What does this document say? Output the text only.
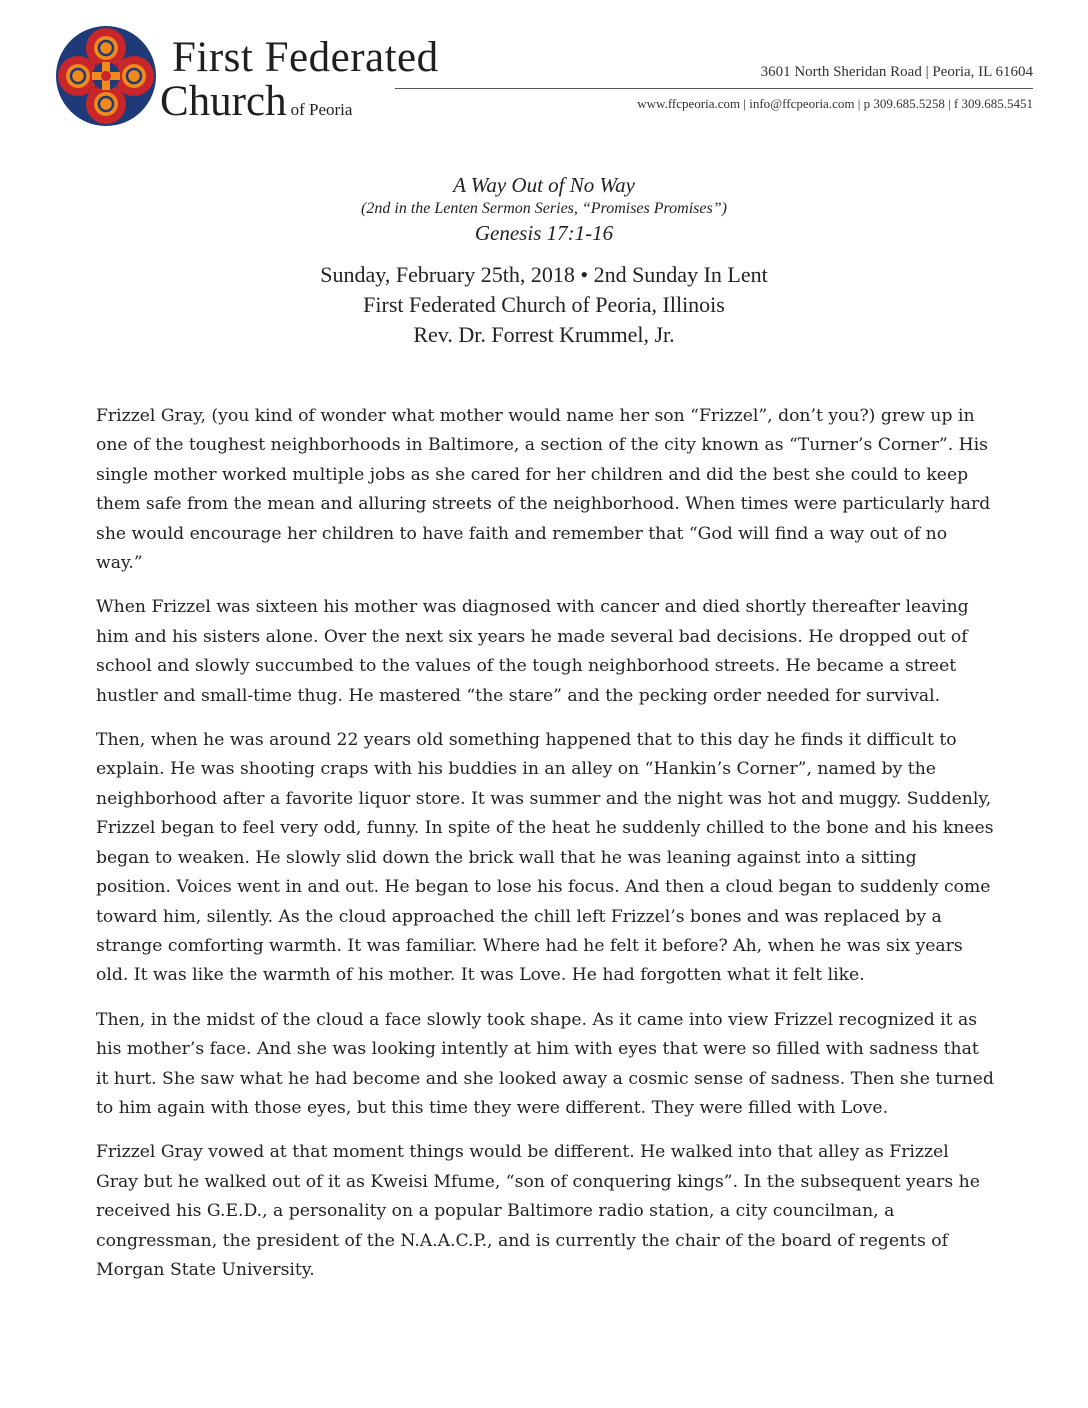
First Federated
Church of Peoria
3601 North Sheridan Road | Peoria, IL 61604
www.ffcpeoria.com | info@ffcpeoria.com | p 309.685.5258 | f 309.685.5451
A Way Out of No Way
(2nd in the Lenten Sermon Series, “Promises Promises”)
Genesis 17:1-16
Sunday, February 25th, 2018 • 2nd Sunday In Lent
First Federated Church of Peoria, Illinois
Rev. Dr. Forrest Krummel, Jr.

Frizzel Gray, (you kind of wonder what mother would name her son “Frizzel”, don’t you?) grew up in one of the toughest neighborhoods in Baltimore, a section of the city known as “Turner’s Corner”. His single mother worked multiple jobs as she cared for her children and did the best she could to keep them safe from the mean and alluring streets of the neighborhood. When times were particularly hard she would encourage her children to have faith and remember that “God will find a way out of no way.”

When Frizzel was sixteen his mother was diagnosed with cancer and died shortly thereafter leaving him and his sisters alone. Over the next six years he made several bad decisions. He dropped out of school and slowly succumbed to the values of the tough neighborhood streets. He became a street hustler and small-time thug. He mastered “the stare” and the pecking order needed for survival.

Then, when he was around 22 years old something happened that to this day he finds it difficult to explain. He was shooting craps with his buddies in an alley on “Hankin’s Corner”, named by the neighborhood after a favorite liquor store. It was summer and the night was hot and muggy. Suddenly, Frizzel began to feel very odd, funny. In spite of the heat he suddenly chilled to the bone and his knees began to weaken. He slowly slid down the brick wall that he was leaning against into a sitting position. Voices went in and out. He began to lose his focus. And then a cloud began to suddenly come toward him, silently. As the cloud approached the chill left Frizzel’s bones and was replaced by a strange comforting warmth. It was familiar. Where had he felt it before? Ah, when he was six years old. It was like the warmth of his mother. It was Love. He had forgotten what it felt like.

Then, in the midst of the cloud a face slowly took shape. As it came into view Frizzel recognized it as his mother’s face. And she was looking intently at him with eyes that were so filled with sadness that it hurt. She saw what he had become and she looked away a cosmic sense of sadness. Then she turned to him again with those eyes, but this time they were different. They were filled with Love.

Frizzel Gray vowed at that moment things would be different. He walked into that alley as Frizzel Gray but he walked out of it as Kweisi Mfume, “son of conquering kings”. In the subsequent years he received his G.E.D., a personality on a popular Baltimore radio station, a city councilman, a congressman, the president of the N.A.A.C.P., and is currently the chair of the board of regents of Morgan State University.
